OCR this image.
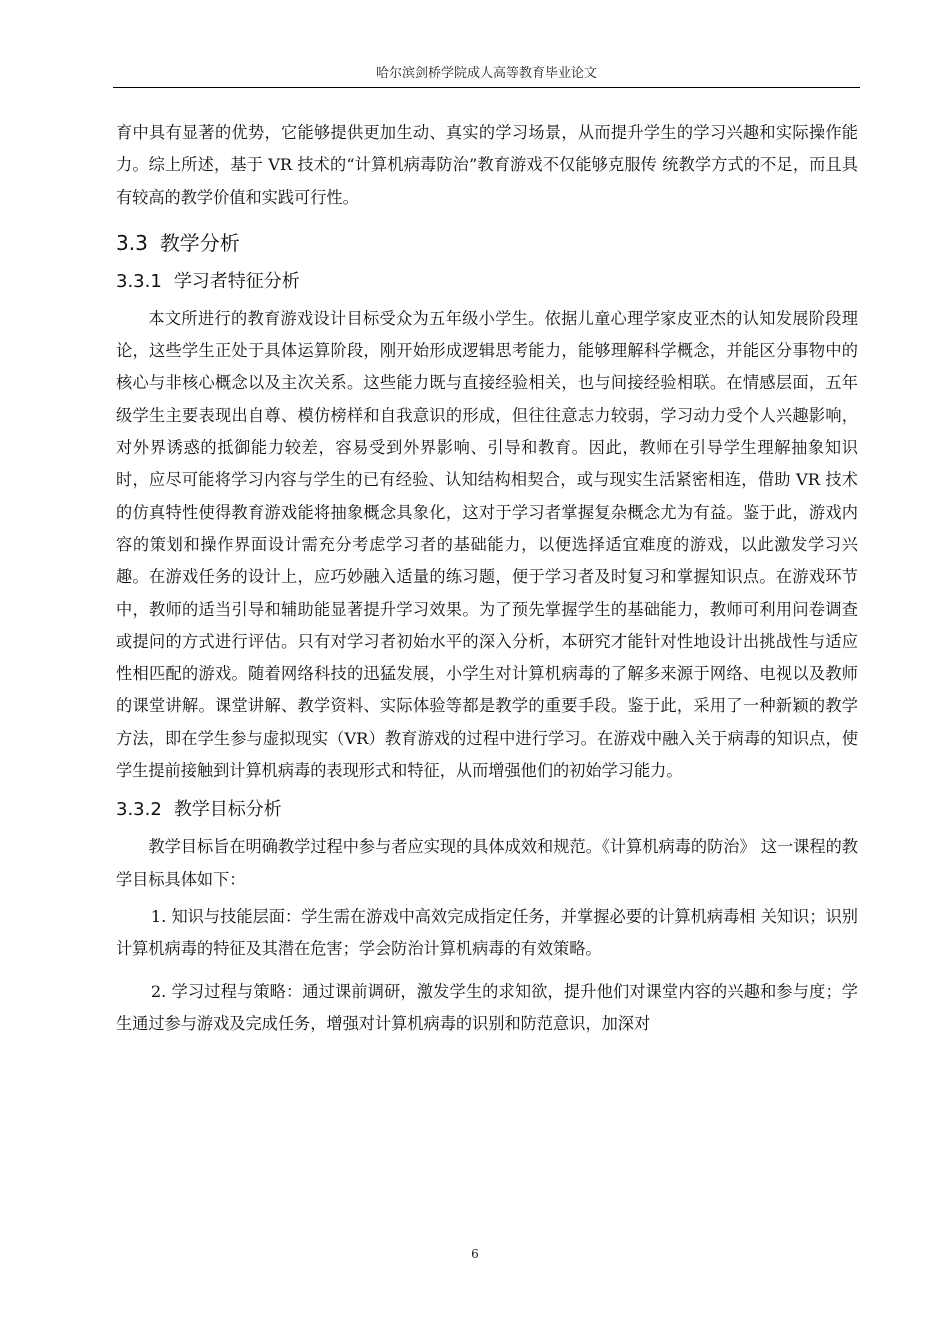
哈尔滨剑桥学院成人高等教育毕业论文

育中具有显著的优势，它能够提供更加生动、真实的学习场景，从而提升学生的学习兴趣和实际操作能力。综上所述，基于 VR 技术的“计算机病毒防治”教育游戏不仅能够克服传 统教学方式的不足，而且具有较高的教学价值和实践可行性。

3.3 教学分析
3.3.1 学习者特征分析

本文所进行的教育游戏设计目标受众为五年级小学生。依据儿童心理学家皮亚杰的认知发展阶段理论，这些学生正处于具体运算阶段，刚开始形成逻辑思考能力，能够理解科学概念，并能区分事物中的核心与非核心概念以及主次关系。这些能力既与直接经验相关，也与间接经验相联。在情感层面，五年级学生主要表现出自尊、模仿榜样和自我意识的形成，但往往意志力较弱，学习动力受个人兴趣影响，对外界诱惑的抵御能力较差，容易受到外界影响、引导和教育。因此，教师在引导学生理解抽象知识时，应尽可能将学习内容与学生的已有经验、认知结构相契合，或与现实生活紧密相连，借助 VR 技术的仿真特性使得教育游戏能将抽象概念具象化，这对于学习者掌握复杂概念尤为有益。鉴于此，游戏内容的策划和操作界面设计需充分考虑学习者的基础能力，以便选择适宜难度的游戏，以此激发学习兴趣。在游戏任务的设计上，应巧妙融入适量的练习题，便于学习者及时复习和掌握知识点。在游戏环节中，教师的适当引导和辅助能显著提升学习效果。为了预先掌握学生的基础能力，教师可利用问卷调查或提问的方式进行评估。只有对学习者初始水平的深入分析，本研究才能针对性地设计出挑战性与适应性相匹配的游戏。随着网络科技的迅猛发展，小学生对计算机病毒的了解多来源于网络、电视以及教师的课堂讲解。课堂讲解、教学资料、实际体验等都是教学的重要手段。鉴于此，采用了一种新颖的教学方法，即在学生参与虚拟现实（VR）教育游戏的过程中进行学习。在游戏中融入关于病毒的知识点，使学生提前接触到计算机病毒的表现形式和特征，从而增强他们的初始学习能力。

3.3.2 教学目标分析

教学目标旨在明确教学过程中参与者应实现的具体成效和规范。《计算机病毒的防治》 这一课程的教学目标具体如下：

1. 知识与技能层面：学生需在游戏中高效完成指定任务，并掌握必要的计算机病毒相 关知识；识别计算机病毒的特征及其潜在危害；学会防治计算机病毒的有效策略。

2. 学习过程与策略：通过课前调研，激发学生的求知欲，提升他们对课堂内容的兴趣和参与度；学生通过参与游戏及完成任务，增强对计算机病毒的识别和防范意识，加深对

6
